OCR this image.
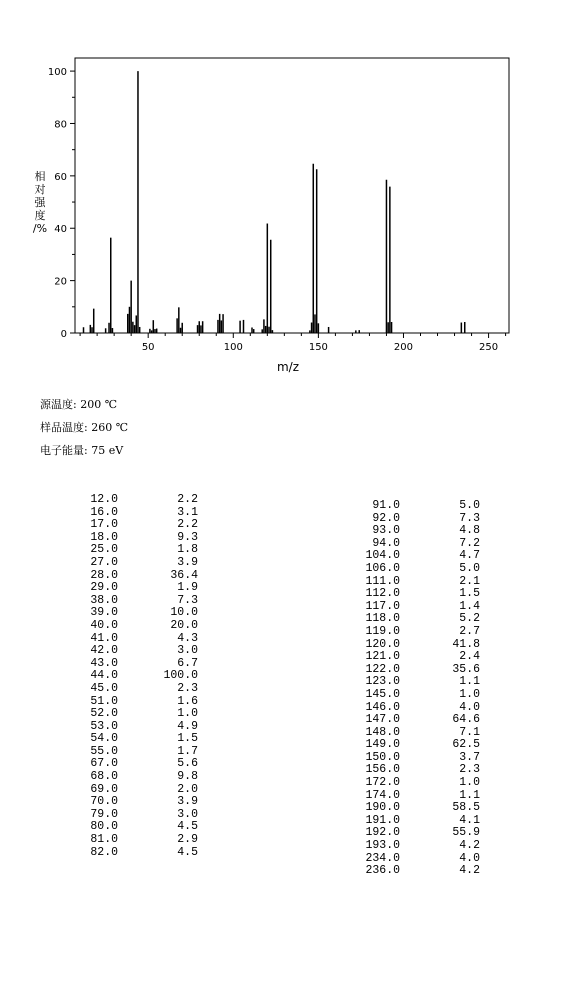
50	100	150	200	250
0
20
40
60
80
100
m/z
相
对
强
度
/%
源温度: 200 ℃
样品温度: 260 ℃
电子能量: 75 eV
12.0	2.2
16.0	3.1
17.0	2.2
18.0	9.3
25.0	1.8
27.0	3.9
28.0	36.4
29.0	1.9
38.0	7.3
39.0	10.0
40.0	20.0
41.0	4.3
42.0	3.0
43.0	6.7
44.0	100.0
45.0	2.3
51.0	1.6
52.0	1.0
53.0	4.9
54.0	1.5
55.0	1.7
67.0	5.6
68.0	9.8
69.0	2.0
70.0	3.9
79.0	3.0
80.0	4.5
81.0	2.9
82.0	4.5
91.0	5.0
92.0	7.3
93.0	4.8
94.0	7.2
104.0	4.7
106.0	5.0
111.0	2.1
112.0	1.5
117.0	1.4
118.0	5.2
119.0	2.7
120.0	41.8
121.0	2.4
122.0	35.6
123.0	1.1
145.0	1.0
146.0	4.0
147.0	64.6
148.0	7.1
149.0	62.5
150.0	3.7
156.0	2.3
172.0	1.0
174.0	1.1
190.0	58.5
191.0	4.1
192.0	55.9
193.0	4.2
234.0	4.0
236.0	4.2
